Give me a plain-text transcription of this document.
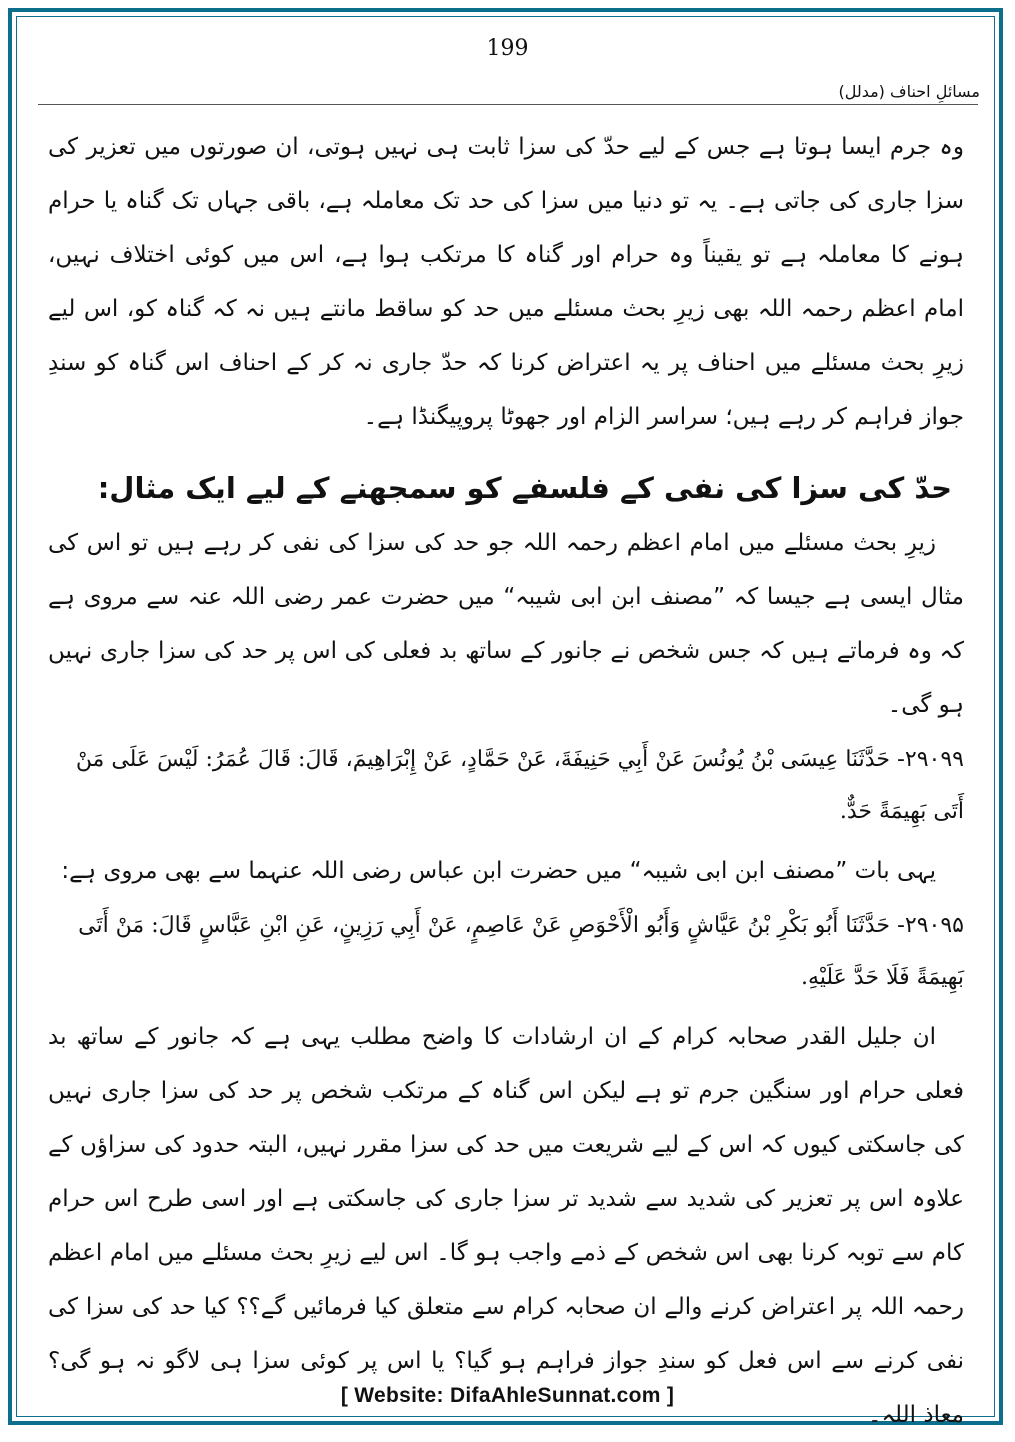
199
مسائلِ احناف (مدلل)

وہ جرم ایسا ہوتا ہے جس کے لیے حدّ کی سزا ثابت ہی نہیں ہوتی، ان صورتوں میں تعزیر کی سزا جاری کی جاتی ہے۔ یہ تو دنیا میں سزا کی حد تک معاملہ ہے، باقی جہاں تک گناہ یا حرام ہونے کا معاملہ ہے تو یقیناً وہ حرام اور گناہ کا مرتکب ہوا ہے، اس میں کوئی اختلاف نہیں، امام اعظم رحمہ اللہ بھی زیرِ بحث مسئلے میں حد کو ساقط مانتے ہیں نہ کہ گناہ کو، اس لیے زیرِ بحث مسئلے میں احناف پر یہ اعتراض کرنا کہ حدّ جاری نہ کر کے احناف اس گناہ کو سندِ جواز فراہم کر رہے ہیں؛ سراسر الزام اور جھوٹا پروپیگنڈا ہے۔

حدّ کی سزا کی نفی کے فلسفے کو سمجھنے کے لیے ایک مثال:

زیرِ بحث مسئلے میں امام اعظم رحمہ اللہ جو حد کی سزا کی نفی کر رہے ہیں تو اس کی مثال ایسی ہے جیسا کہ ”مصنف ابن ابی شیبہ“ میں حضرت عمر رضی اللہ عنہ سے مروی ہے کہ وہ فرماتے ہیں کہ جس شخص نے جانور کے ساتھ بد فعلی کی اس پر حد کی سزا جاری نہیں ہو گی۔

۲۹۰۹۹- حَدَّثَنَا عِيسَى بْنُ يُونُسَ عَنْ أَبِي حَنِيفَةَ، عَنْ حَمَّادٍ، عَنْ إِبْرَاهِيمَ، قَالَ: قَالَ عُمَرُ: لَيْسَ عَلَى مَنْ أَتَى بَهِيمَةً حَدٌّ.

یہی بات ”مصنف ابن ابی شیبہ“ میں حضرت ابن عباس رضی اللہ عنہما سے بھی مروی ہے:

۲۹۰۹۵- حَدَّثَنَا أَبُو بَكْرِ بْنُ عَيَّاشٍ وَأَبُو الْأَحْوَصِ عَنْ عَاصِمٍ، عَنْ أَبِي رَزِينٍ، عَنِ ابْنِ عَبَّاسٍ قَالَ: مَنْ أَتَى بَهِيمَةً فَلَا حَدَّ عَلَيْهِ.

ان جلیل القدر صحابہ کرام کے ان ارشادات کا واضح مطلب یہی ہے کہ جانور کے ساتھ بد فعلی حرام اور سنگین جرم تو ہے لیکن اس گناہ کے مرتکب شخص پر حد کی سزا جاری نہیں کی جاسکتی کیوں کہ اس کے لیے شریعت میں حد کی سزا مقرر نہیں، البتہ حدود کی سزاؤں کے علاوہ اس پر تعزیر کی شدید سے شدید تر سزا جاری کی جاسکتی ہے اور اسی طرح اس حرام کام سے توبہ کرنا بھی اس شخص کے ذمے واجب ہو گا۔ اس لیے زیرِ بحث مسئلے میں امام اعظم رحمہ اللہ پر اعتراض کرنے والے ان صحابہ کرام سے متعلق کیا فرمائیں گے؟؟ کیا حد کی سزا کی نفی کرنے سے اس فعل کو سندِ جواز فراہم ہو گیا؟ یا اس پر کوئی سزا ہی لاگو نہ ہو گی؟ معاذ اللہ۔

[ Website: DifaAhleSunnat.com ]
